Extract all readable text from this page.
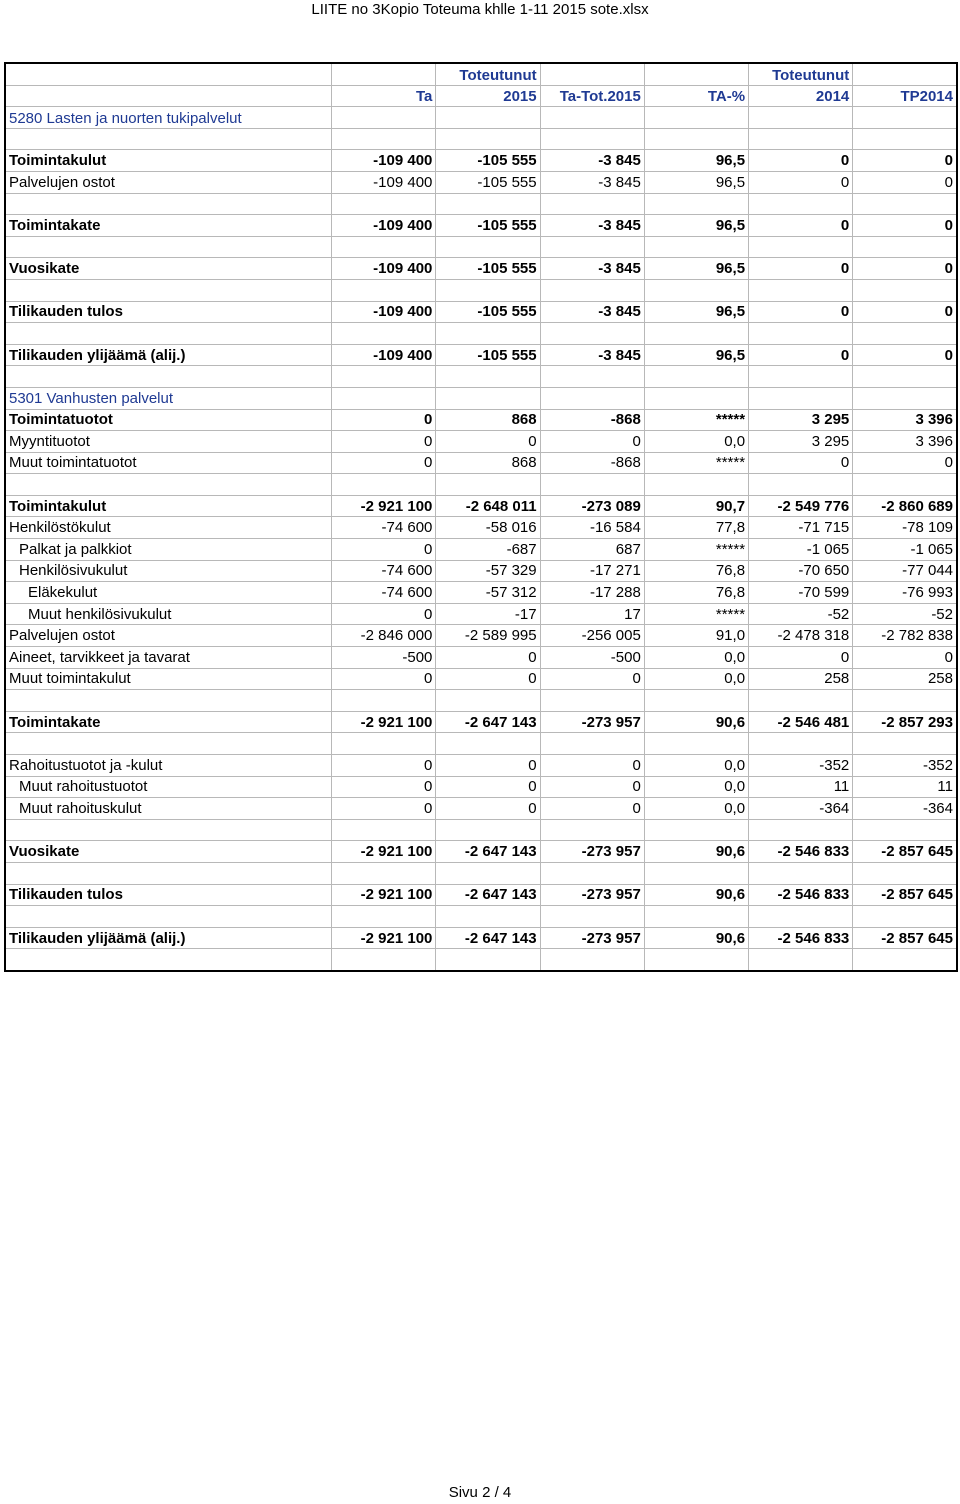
LIITE no 3Kopio Toteuma khlle 1-11 2015 sote.xlsx
		Toteutunut			Toteutunut	
	Ta	2015	Ta-Tot.2015	TA-%	2014	TP2014
5280 Lasten ja nuorten tukipalvelut						

Toimintakulut	-109 400	-105 555	-3 845	96,5	0	0
Palvelujen ostot	-109 400	-105 555	-3 845	96,5	0	0

Toimintakate	-109 400	-105 555	-3 845	96,5	0	0

Vuosikate	-109 400	-105 555	-3 845	96,5	0	0

Tilikauden tulos	-109 400	-105 555	-3 845	96,5	0	0

Tilikauden ylijäämä (alij.)	-109 400	-105 555	-3 845	96,5	0	0

5301 Vanhusten palvelut						
Toimintatuotot	0	868	-868	*****	3 295	3 396
Myyntituotot	0	0	0	0,0	3 295	3 396
Muut toimintatuotot	0	868	-868	*****	0	0

Toimintakulut	-2 921 100	-2 648 011	-273 089	90,7	-2 549 776	-2 860 689
Henkilöstökulut	-74 600	-58 016	-16 584	77,8	-71 715	-78 109
Palkat ja palkkiot	0	-687	687	*****	-1 065	-1 065
Henkilösivukulut	-74 600	-57 329	-17 271	76,8	-70 650	-77 044
Eläkekulut	-74 600	-57 312	-17 288	76,8	-70 599	-76 993
Muut henkilösivukulut	0	-17	17	*****	-52	-52
Palvelujen ostot	-2 846 000	-2 589 995	-256 005	91,0	-2 478 318	-2 782 838
Aineet, tarvikkeet ja tavarat	-500	0	-500	0,0	0	0
Muut toimintakulut	0	0	0	0,0	258	258

Toimintakate	-2 921 100	-2 647 143	-273 957	90,6	-2 546 481	-2 857 293

Rahoitustuotot ja -kulut	0	0	0	0,0	-352	-352
Muut rahoitustuotot	0	0	0	0,0	11	11
Muut rahoituskulut	0	0	0	0,0	-364	-364

Vuosikate	-2 921 100	-2 647 143	-273 957	90,6	-2 546 833	-2 857 645

Tilikauden tulos	-2 921 100	-2 647 143	-273 957	90,6	-2 546 833	-2 857 645

Tilikauden ylijäämä (alij.)	-2 921 100	-2 647 143	-273 957	90,6	-2 546 833	-2 857 645

Sivu 2 / 4
